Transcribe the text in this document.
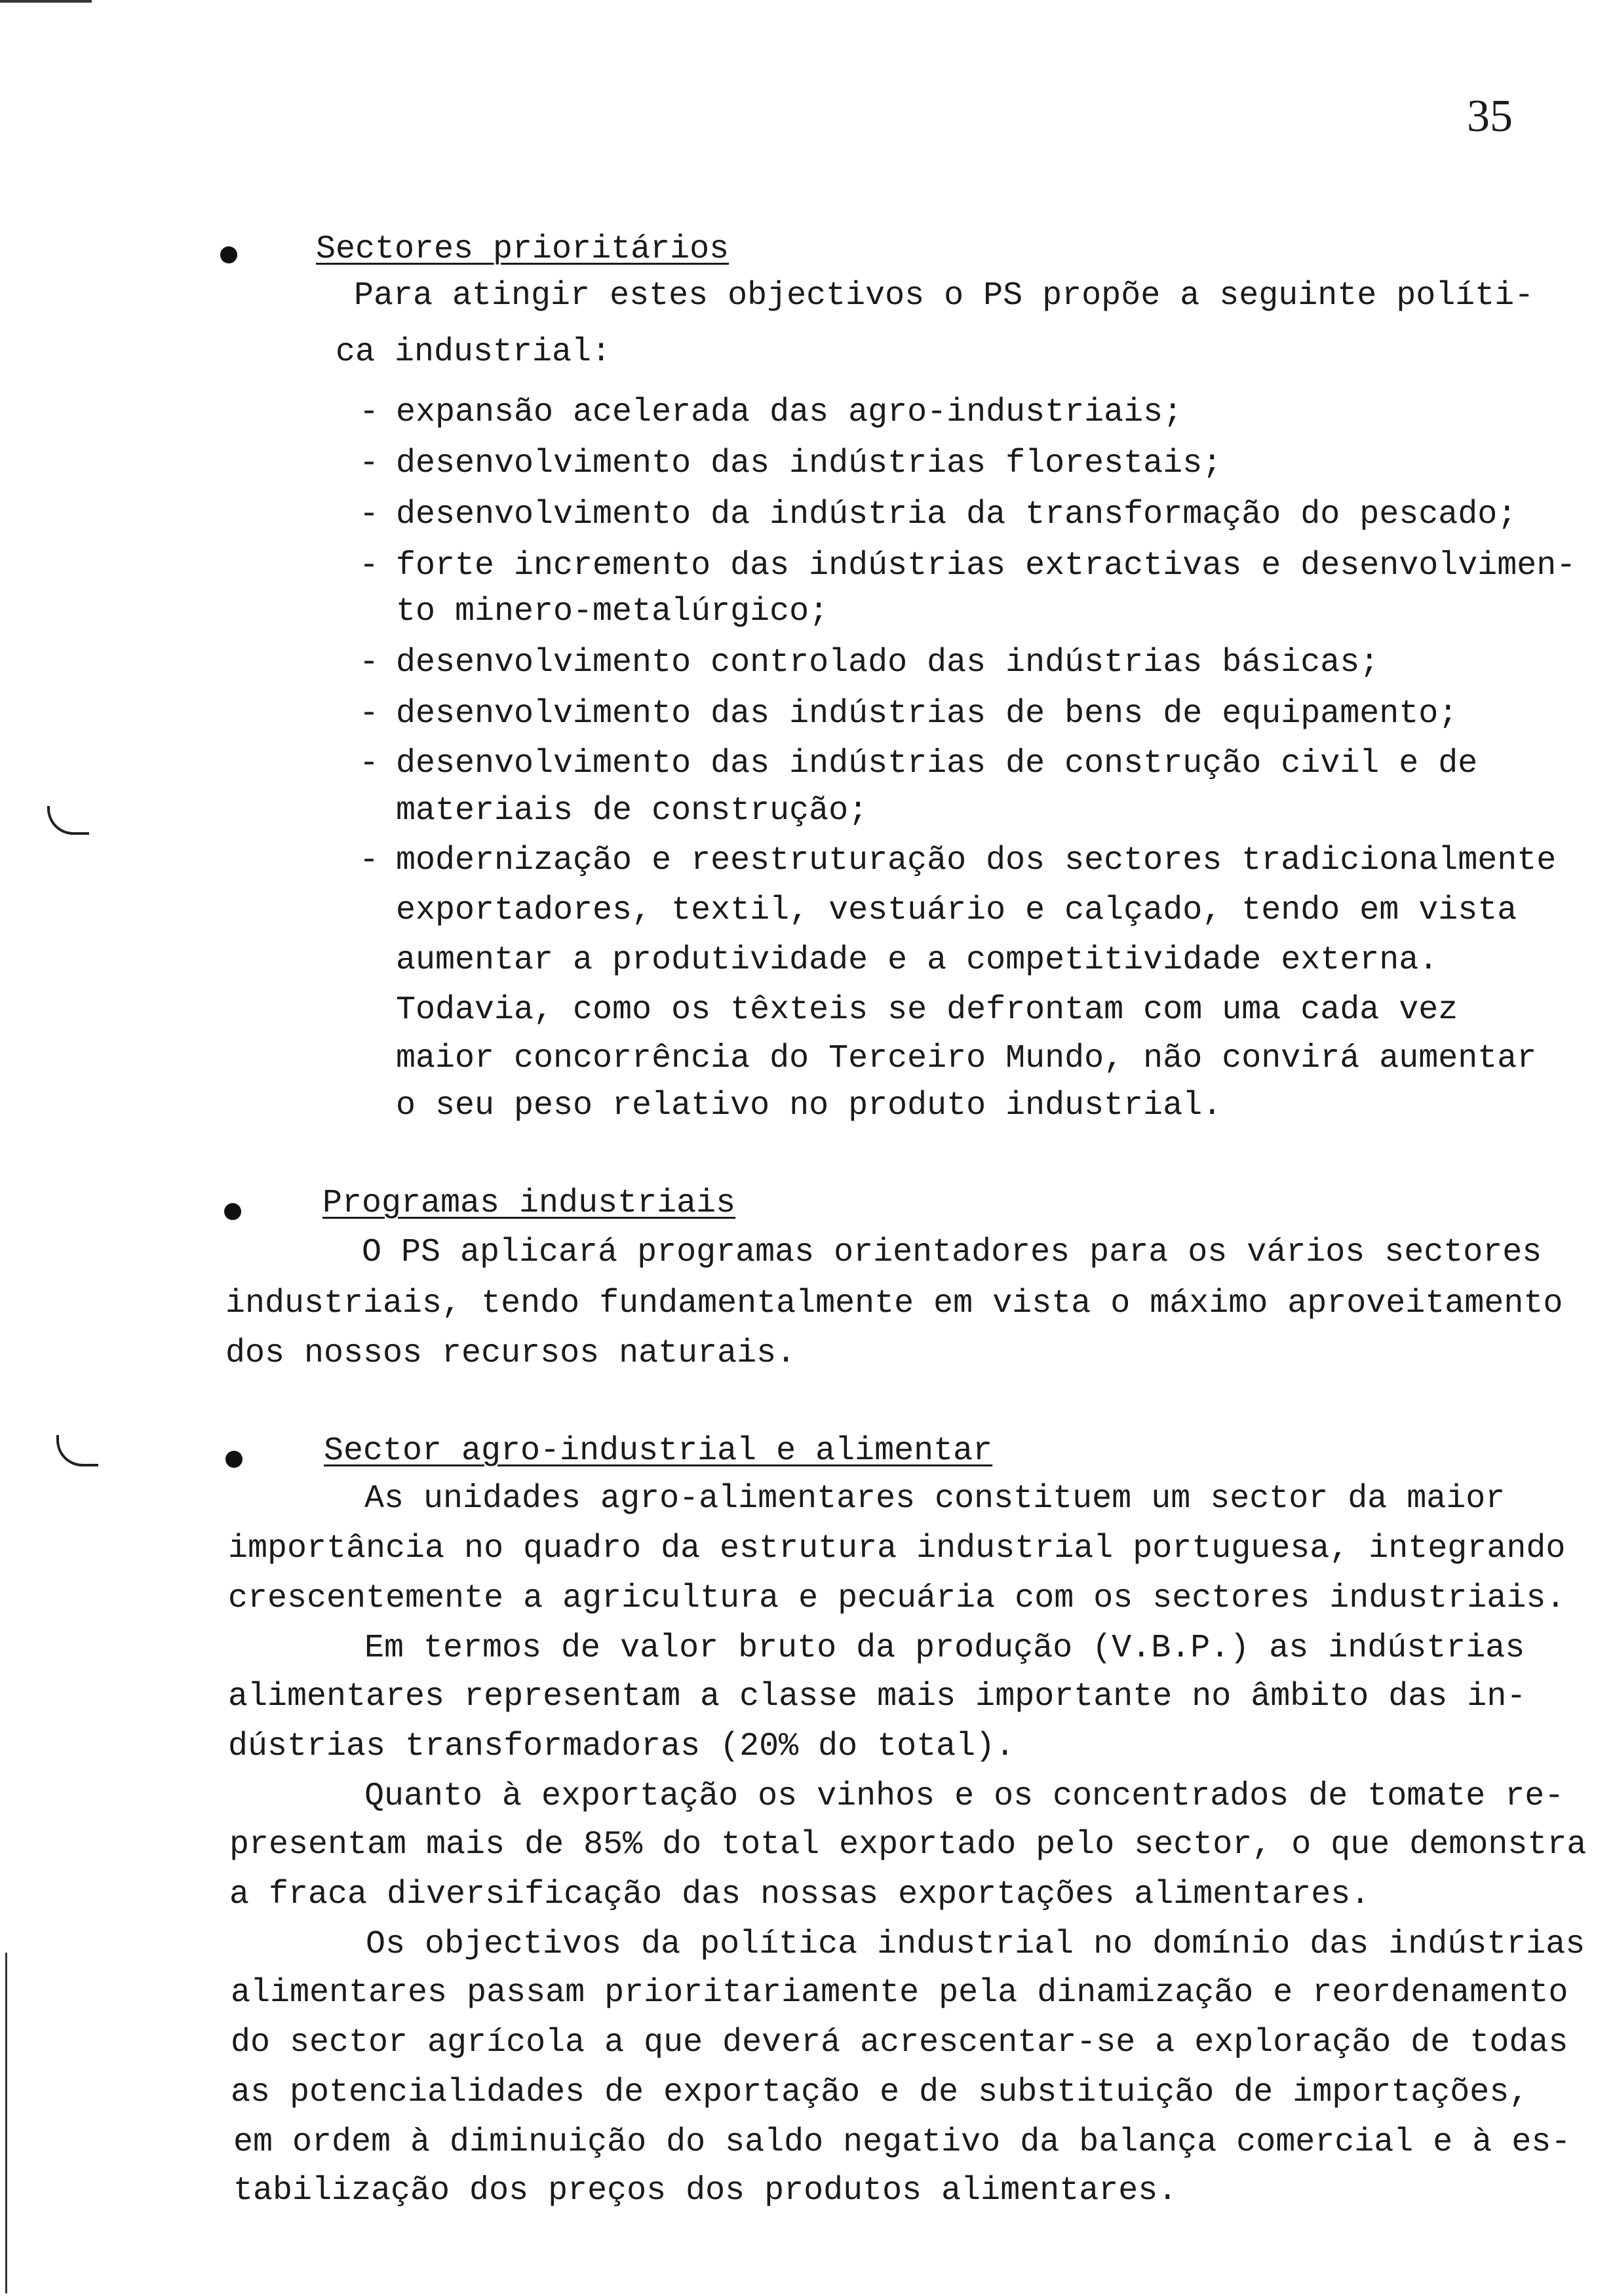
35
Sectores prioritários
Para atingir estes objectivos o PS propõe a seguinte políti-
ca industrial:
- expansão acelerada das agro-industriais;
- desenvolvimento das indústrias florestais;
- desenvolvimento da indústria da transformação do pescado;
- forte incremento das indústrias extractivas e desenvolvimen-
to minero-metalúrgico;
- desenvolvimento controlado das indústrias básicas;
- desenvolvimento das indústrias de bens de equipamento;
- desenvolvimento das indústrias de construção civil e de
materiais de construção;
- modernização e reestruturação dos sectores tradicionalmente
exportadores, textil, vestuário e calçado, tendo em vista
aumentar a produtividade e a competitividade externa.
Todavia, como os têxteis se defrontam com uma cada vez
maior concorrência do Terceiro Mundo, não convirá aumentar
o seu peso relativo no produto industrial.
Programas industriais
O PS aplicará programas orientadores para os vários sectores
industriais, tendo fundamentalmente em vista o máximo aproveitamento
dos nossos recursos naturais.
Sector agro-industrial e alimentar
As unidades agro-alimentares constituem um sector da maior
importância no quadro da estrutura industrial portuguesa, integrando
crescentemente a agricultura e pecuária com os sectores industriais.
Em termos de valor bruto da produção (V.B.P.) as indústrias
alimentares representam a classe mais importante no âmbito das in-
dústrias transformadoras (20% do total).
Quanto à exportação os vinhos e os concentrados de tomate re-
presentam mais de 85% do total exportado pelo sector, o que demonstra
a fraca diversificação das nossas exportações alimentares.
Os objectivos da política industrial no domínio das indústrias
alimentares passam prioritariamente pela dinamização e reordenamento
do sector agrícola a que deverá acrescentar-se a exploração de todas
as potencialidades de exportação e de substituição de importações,
em ordem à diminuição do saldo negativo da balança comercial e à es-
tabilização dos preços dos produtos alimentares.
